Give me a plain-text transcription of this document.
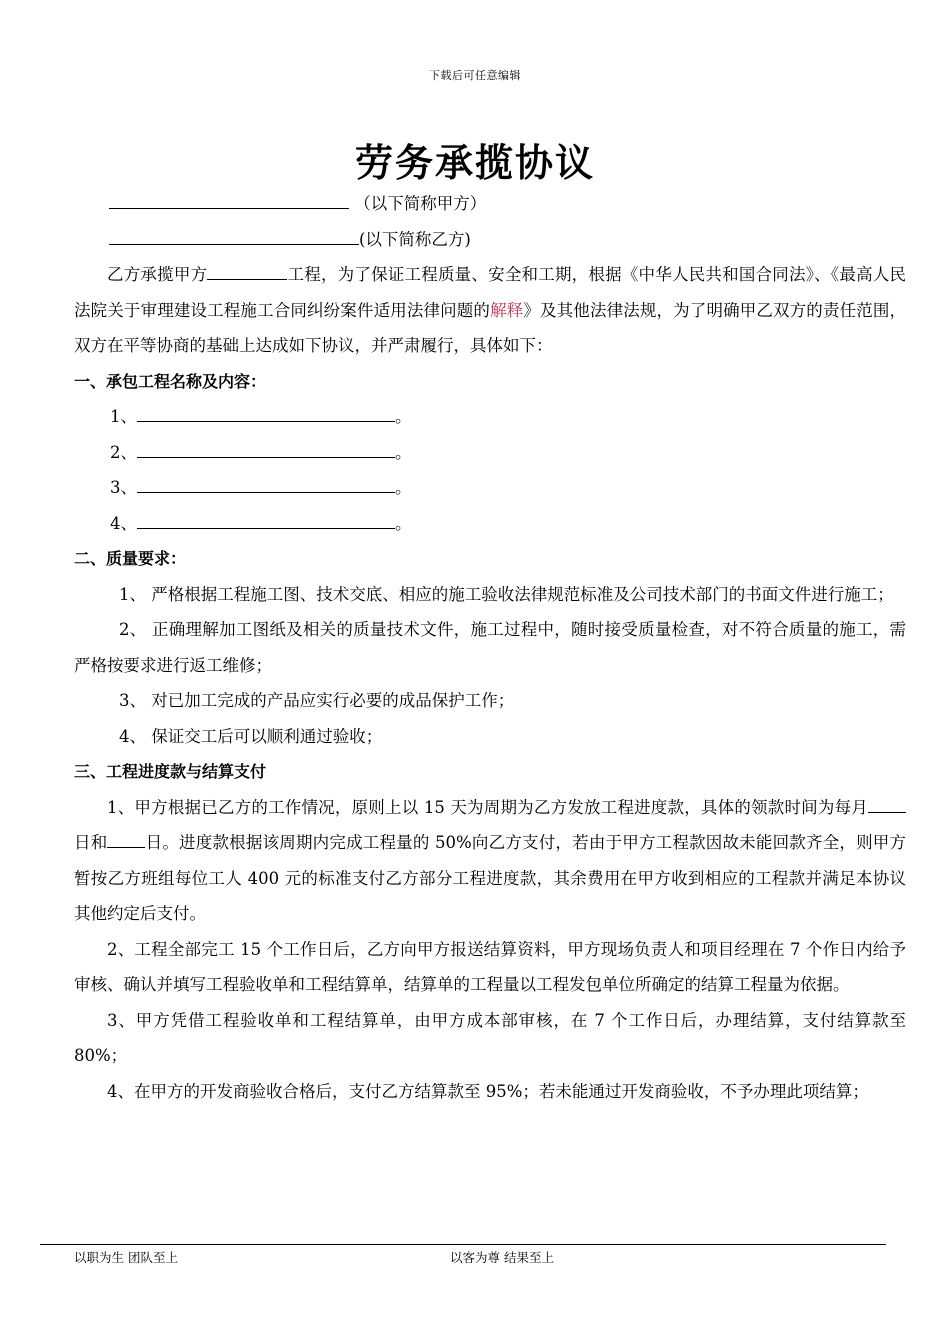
下载后可任意编辑
劳务承揽协议

（以下简称甲方）

(以下简称乙方)

乙方承揽甲方	工程，为了保证工程质量、安全和工期，根据《中华人民共和国合同法》、《最高人民法院关于审理建设工程施工合同纠纷案件适用法律问题的解释》及其他法律法规，为了明确甲乙双方的责任范围，双方在平等协商的基础上达成如下协议，并严肃履行，具体如下：

一、承包工程名称及内容：

1、	。

2、	。

3、	。

4、	。

二、质量要求：

1、 严格根据工程施工图、技术交底、相应的施工验收法律规范标准及公司技术部门的书面文件进行施工；

2、 正确理解加工图纸及相关的质量技术文件，施工过程中，随时接受质量检查，对不符合质量的施工，需严格按要求进行返工维修；

3、 对已加工完成的产品应实行必要的成品保护工作；

4、 保证交工后可以顺利通过验收；

三、工程进度款与结算支付

1、甲方根据已乙方的工作情况，原则上以 15 天为周期为乙方发放工程进度款，具体的领款时间为每月日和 日。进度款根据该周期内完成工程量的 50%向乙方支付，若由于甲方工程款因故未能回款齐全，则甲方暂按乙方班组每位工人 400 元的标准支付乙方部分工程进度款，其余费用在甲方收到相应的工程款并满足本协议其他约定后支付。

2、工程全部完工 15 个工作日后，乙方向甲方报送结算资料，甲方现场负责人和项目经理在 7 个作日内给予审核、确认并填写工程验收单和工程结算单，结算单的工程量以工程发包单位所确定的结算工程量为依据。

3、甲方凭借工程验收单和工程结算单，由甲方成本部审核，在 7 个工作日后，办理结算，支付结算款至 80%；

4、在甲方的开发商验收合格后，支付乙方结算款至 95%；若未能通过开发商验收，不予办理此项结算；

以职为生 团队至上	以客为尊 结果至上
